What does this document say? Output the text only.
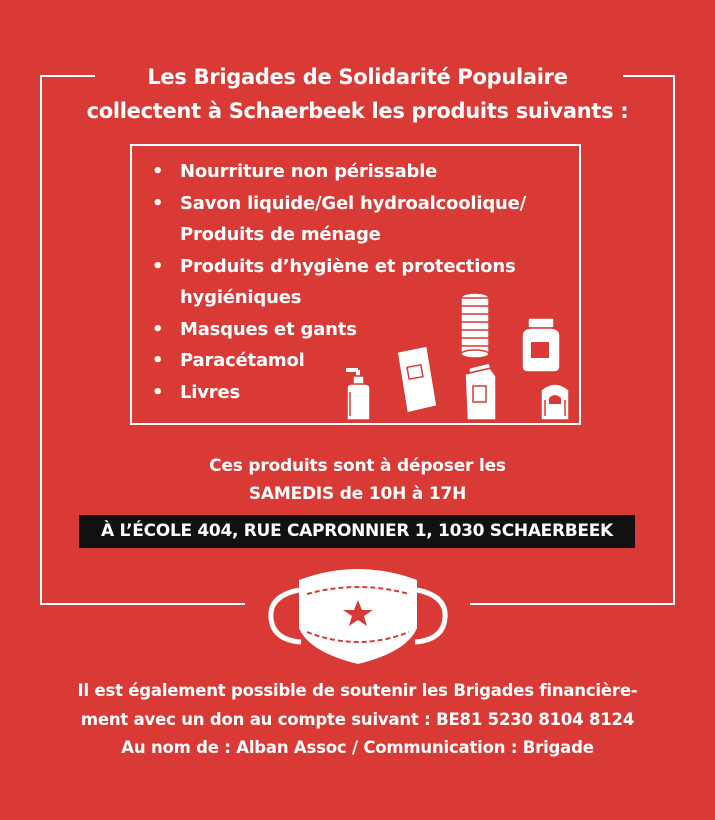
Les Brigades de Solidarité Populaire
collectent à Schaerbeek les produits suivants :
• Nourriture non périssable
• Savon liquide/Gel hydroalcoolique/
Produits de ménage
• Produits d’hygiène et protections
hygiéniques
• Masques et gants
• Paracétamol
• Livres
Ces produits sont à déposer les
SAMEDIS de 10H à 17H
À L’ÉCOLE 404, RUE CAPRONNIER 1, 1030 SCHAERBEEK
Il est également possible de soutenir les Brigades financière-
ment avec un don au compte suivant : BE81 5230 8104 8124
Au nom de : Alban Assoc / Communication : Brigade
